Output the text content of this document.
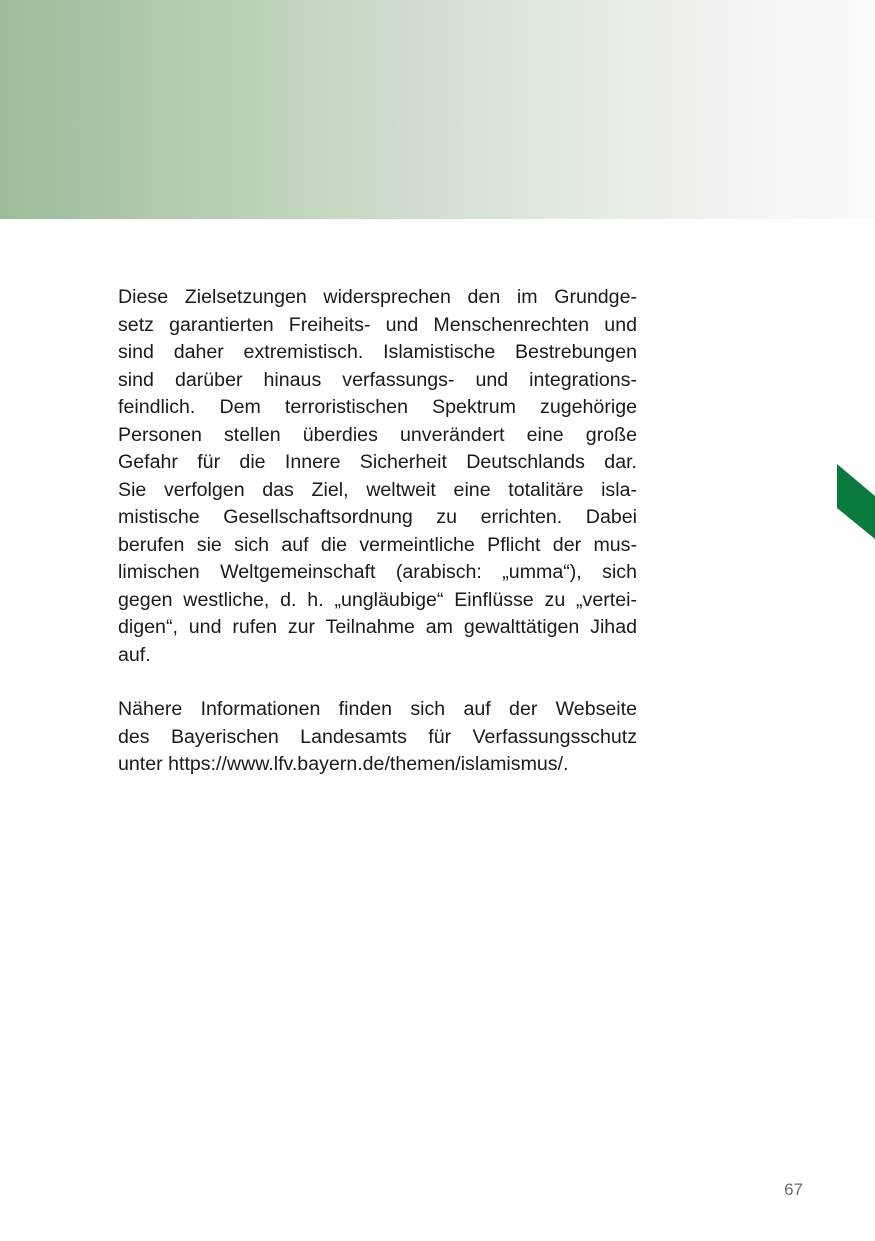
Diese Zielsetzungen widersprechen den im Grundge-
setz garantierten Freiheits- und Menschenrechten und
sind daher extremistisch. Islamistische Bestrebungen
sind darüber hinaus verfassungs- und integrations-
feindlich. Dem terroristischen Spektrum zugehörige
Personen stellen überdies unverändert eine große
Gefahr für die Innere Sicherheit Deutschlands dar.
Sie verfolgen das Ziel, weltweit eine totalitäre isla-
mistische Gesellschaftsordnung zu errichten. Dabei
berufen sie sich auf die vermeintliche Pflicht der mus-
limischen Weltgemeinschaft (arabisch: „umma“), sich
gegen westliche, d. h. „ungläubige“ Einflüsse zu „vertei-
digen“, und rufen zur Teilnahme am gewalttätigen Jihad
auf.

Nähere Informationen finden sich auf der Webseite
des Bayerischen Landesamts für Verfassungsschutz
unter https://www.lfv.bayern.de/themen/islamismus/.

67
